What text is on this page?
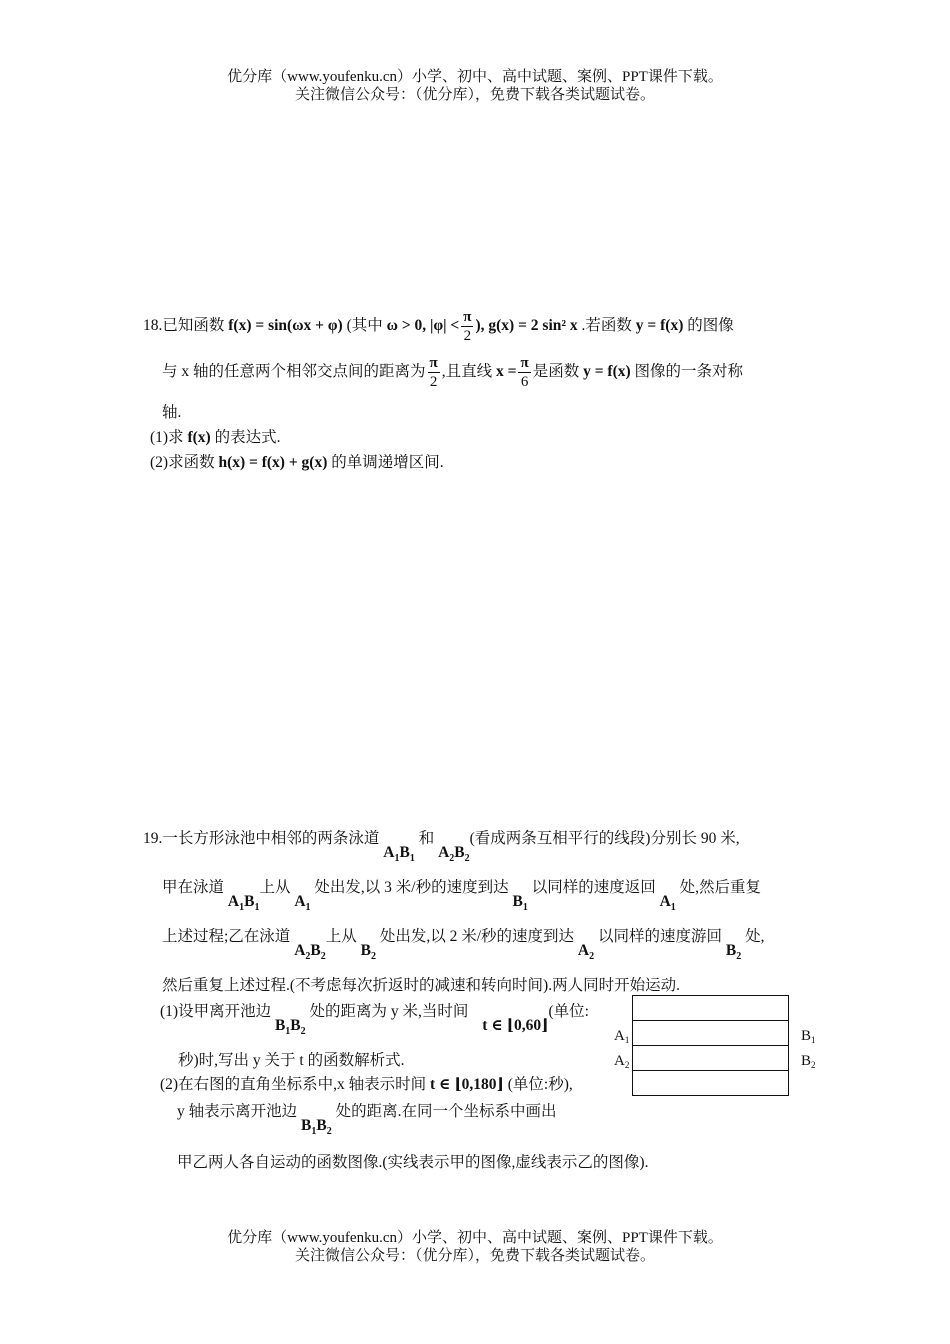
优分库（www.youfenku.cn）小学、初中、高中试题、案例、PPT课件下载。
关注微信公众号：（优分库），免费下载各类试题试卷。
18.已知函数 f(x) = sin(ωx + φ) (其中 ω > 0, $|\varphi| < \frac{\pi}{2}$ ), g(x) = 2 sin² x .若函数 y = f(x) 的图像
与 x 轴的任意两个相邻交点间的距离为 $\frac{\pi}{2}$ ,且直线 $x = \frac{\pi}{6}$ 是函数 y = f(x) 图像的一条对称
轴.
(1)求 f(x) 的表达式.
(2)求函数 h(x) = f(x) + g(x) 的单调递增区间.
19.一长方形泳池中相邻的两条泳道 $A_1B_1$ 和 $A_2B_2$(看成两条互相平行的线段)分别长 90 米,
甲在泳道 $A_1B_1$上从 $A_1$ 处出发,以 3 米/秒的速度到达 $B_1$ 以同样的速度返回 $A_1$ 处,然后重复
上述过程;乙在泳道 $A_2B_2$上从 $B_2$ 处出发,以 2 米/秒的速度到达 $A_2$ 以同样的速度游回 $B_2$ 处,
然后重复上述过程.(不考虑每次折返时的减速和转向时间).两人同时开始运动.
(1)设甲离开池边 $B_1B_2$ 处的距离为 y 米,当时间 t ∈ ⌊0,60⌋(单位:
秒)时,写出 y 关于 t 的函数解析式.
(2)在右图的直角坐标系中,x 轴表示时间 t ∈ ⌊0,180⌋ (单位:秒),
y 轴表示离开池边 $B_1B_2$ 处的距离.在同一个坐标系中画出
甲乙两人各自运动的函数图像.(实线表示甲的图像,虚线表示乙的图像).
$A_1$
$A_2$
$B_1$
$B_2$
优分库（www.youfenku.cn）小学、初中、高中试题、案例、PPT课件下载。
关注微信公众号：（优分库），免费下载各类试题试卷。
